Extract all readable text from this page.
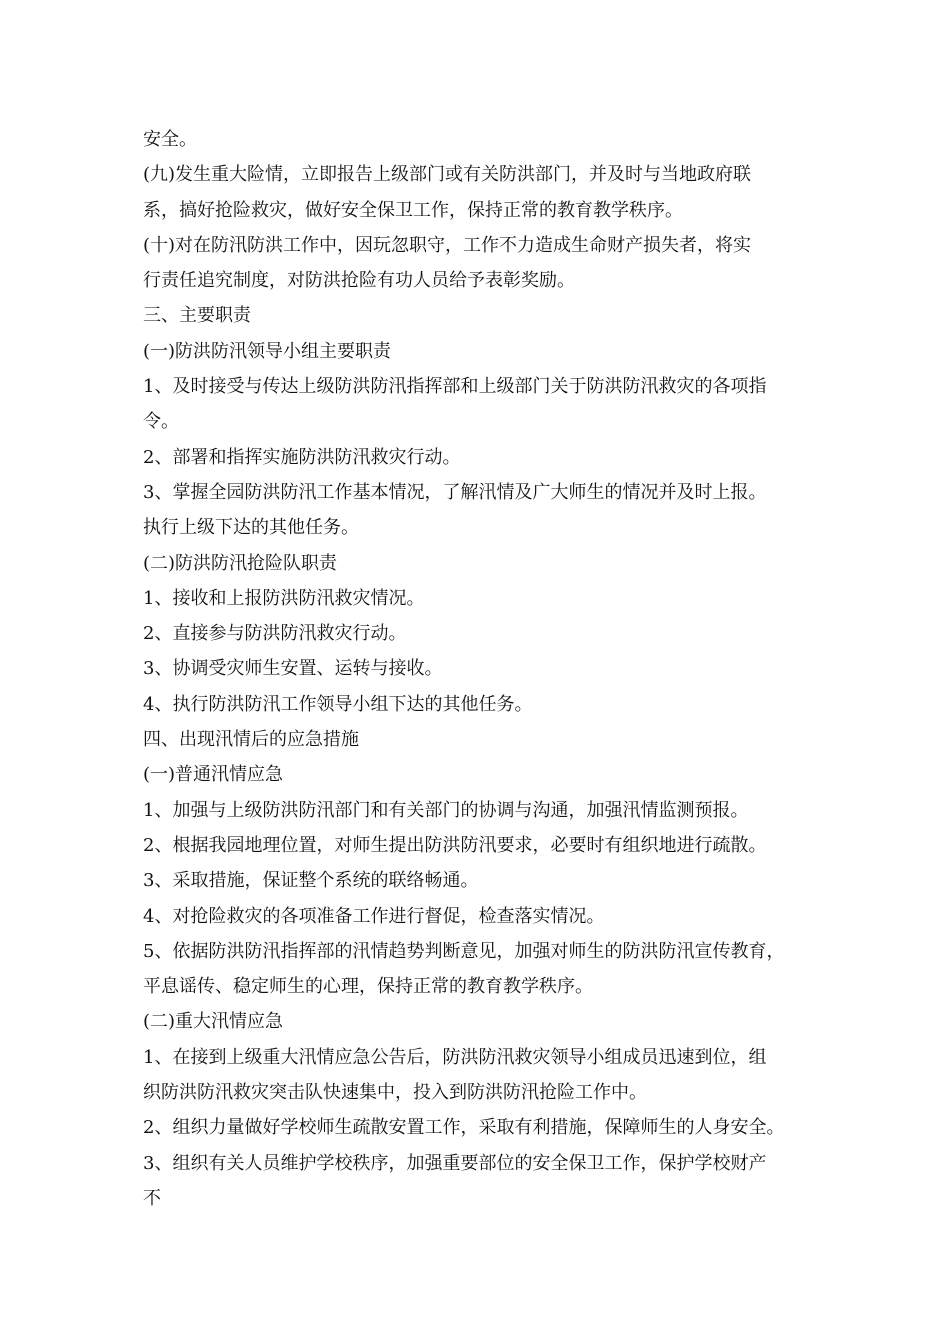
安全。

(九)发生重大险情，立即报告上级部门或有关防洪部门，并及时与当地政府联

系，搞好抢险救灾，做好安全保卫工作，保持正常的教育教学秩序。

(十)对在防汛防洪工作中，因玩忽职守，工作不力造成生命财产损失者，将实

行责任追究制度，对防洪抢险有功人员给予表彰奖励。

三、主要职责

(一)防洪防汛领导小组主要职责

1、及时接受与传达上级防洪防汛指挥部和上级部门关于防洪防汛救灾的各项指

令。

2、部署和指挥实施防洪防汛救灾行动。

3、掌握全园防洪防汛工作基本情况，了解汛情及广大师生的情况并及时上报。

执行上级下达的其他任务。

(二)防洪防汛抢险队职责

1、接收和上报防洪防汛救灾情况。

2、直接参与防洪防汛救灾行动。

3、协调受灾师生安置、运转与接收。

4、执行防洪防汛工作领导小组下达的其他任务。

四、出现汛情后的应急措施

(一)普通汛情应急

1、加强与上级防洪防汛部门和有关部门的协调与沟通，加强汛情监测预报。

2、根据我园地理位置，对师生提出防洪防汛要求，必要时有组织地进行疏散。

3、采取措施，保证整个系统的联络畅通。

4、对抢险救灾的各项准备工作进行督促，检查落实情况。

5、依据防洪防汛指挥部的汛情趋势判断意见，加强对师生的防洪防汛宣传教育，

平息谣传、稳定师生的心理，保持正常的教育教学秩序。

(二)重大汛情应急

1、在接到上级重大汛情应急公告后，防洪防汛救灾领导小组成员迅速到位，组

织防洪防汛救灾突击队快速集中，投入到防洪防汛抢险工作中。

2、组织力量做好学校师生疏散安置工作，采取有利措施，保障师生的人身安全。

3、组织有关人员维护学校秩序，加强重要部位的安全保卫工作，保护学校财产

不
